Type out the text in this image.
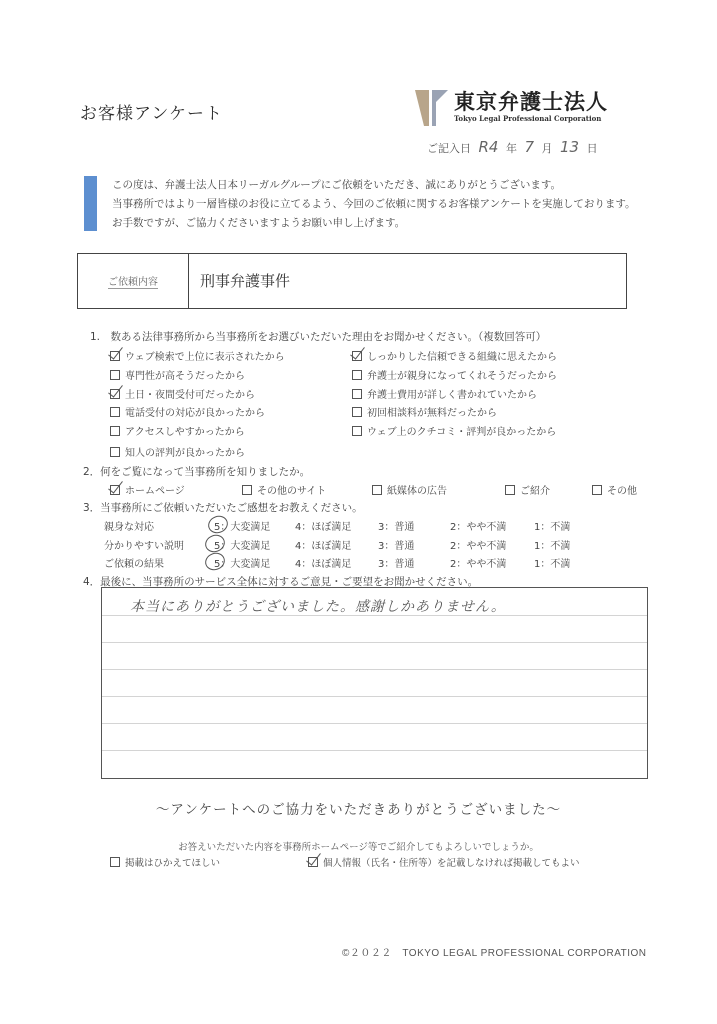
お客様アンケート	東京弁護士法人
Tokyo Legal Professional Corporation
ご記入日 R4 年 7 月 13 日
この度は、弁護士法人日本リーガルグループにご依頼をいただき、誠にありがとうございます。
当事務所ではより一層皆様のお役に立てるよう、今回のご依頼に関するお客様アンケートを実施しております。
お手数ですが、ご協力くださいますようお願い申し上げます。
ご依頼内容	刑事弁護事件
1.　数ある法律事務所から当事務所をお選びいただいた理由をお聞かせください。（複数回答可）
ウェブ検索で上位に表示されたから	しっかりした信頼できる組織に思えたから
専門性が高そうだったから	弁護士が親身になってくれそうだったから
土日・夜間受付可だったから	弁護士費用が詳しく書かれていたから
電話受付の対応が良かったから	初回相談料が無料だったから
アクセスしやすかったから	ウェブ上のクチコミ・評判が良かったから
知人の評判が良かったから
2．何をご覧になって当事務所を知りましたか。
ホームページ	その他のサイト	紙媒体の広告	ご紹介	その他
3．当事務所にご依頼いただいたご感想をお教えください。
親身な対応	5：大変満足 4：ほぼ満足	3：普通	2：やや不満	1：不満
分かりやすい説明	5：大変満足 4：ほぼ満足	3：普通	2：やや不満	1：不満
ご依頼の結果	5：大変満足 4：ほぼ満足	3：普通	2：やや不満	1：不満
4．最後に、当事務所のサービス全体に対するご意見・ご要望をお聞かせください。
本当にありがとうございました。感謝しかありません。
～アンケートへのご協力をいただきありがとうございました～
お答えいただいた内容を事務所ホームページ等でご紹介してもよろしいでしょうか。
掲載はひかえてほしい	個人情報（氏名・住所等）を記載しなければ掲載してもよい
©２０２２　TOKYO LEGAL PROFESSIONAL CORPORATION
